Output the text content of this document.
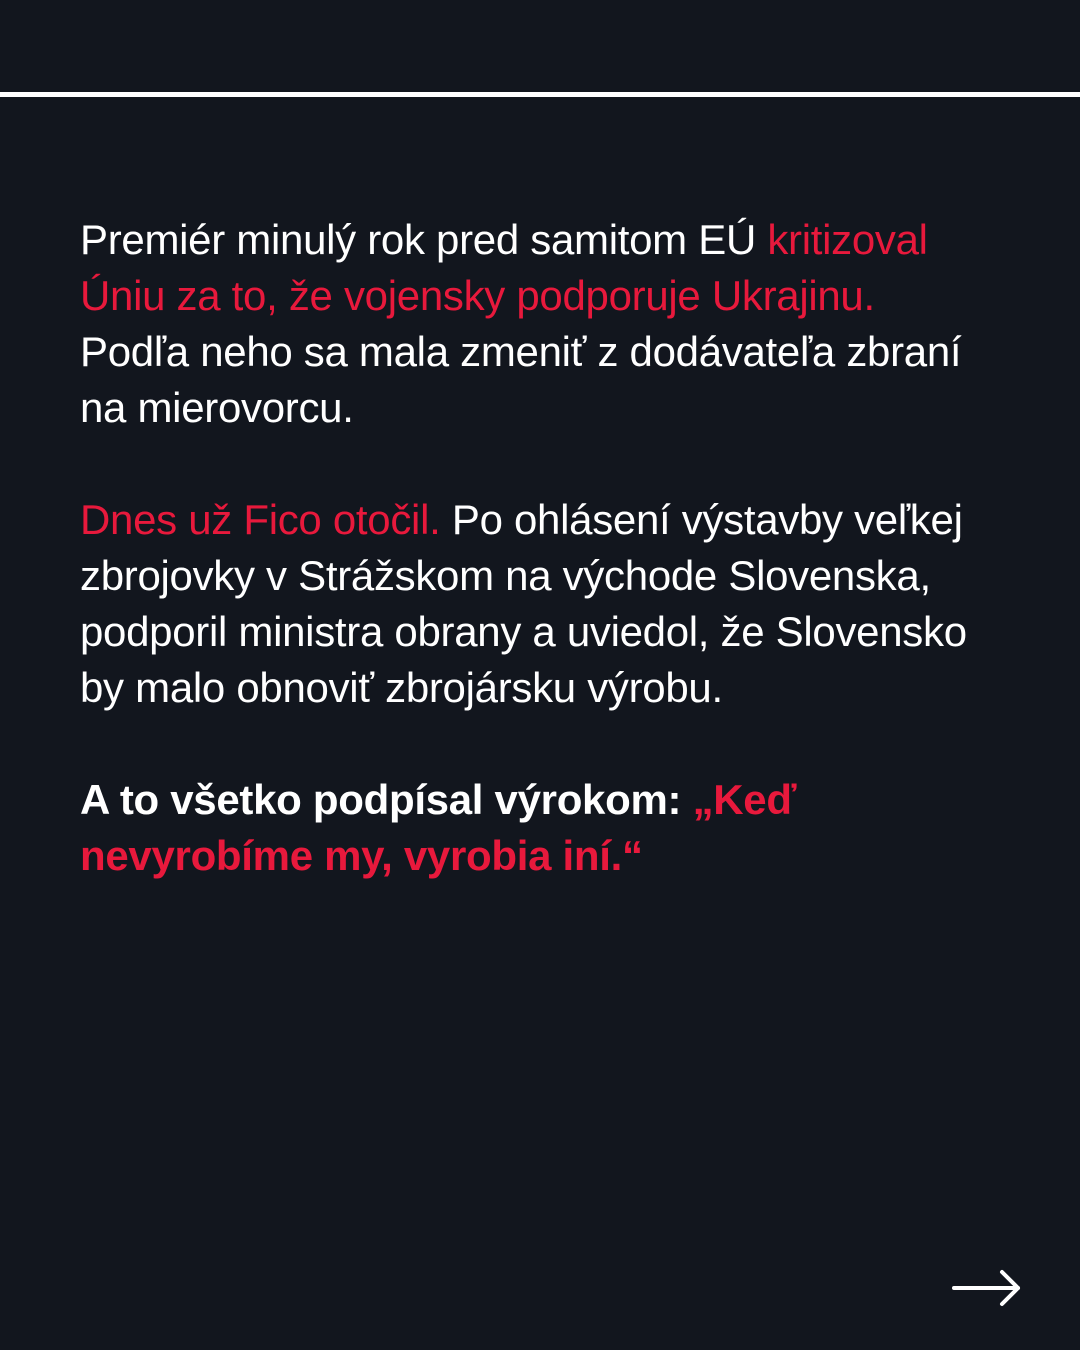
Premiér minulý rok pred samitom EÚ kritizoval Úniu za to, že vojensky podporuje Ukrajinu. Podľa neho sa mala zmeniť z dodávateľa zbraní na mierovorcu.

Dnes už Fico otočil. Po ohlásení výstavby veľkej zbrojovky v Strážskom na východe Slovenska, podporil ministra obrany a uviedol, že Slovensko by malo obnoviť zbrojársku výrobu.

A to všetko podpísal výrokom: „Keď nevyrobíme my, vyrobia iní.“
